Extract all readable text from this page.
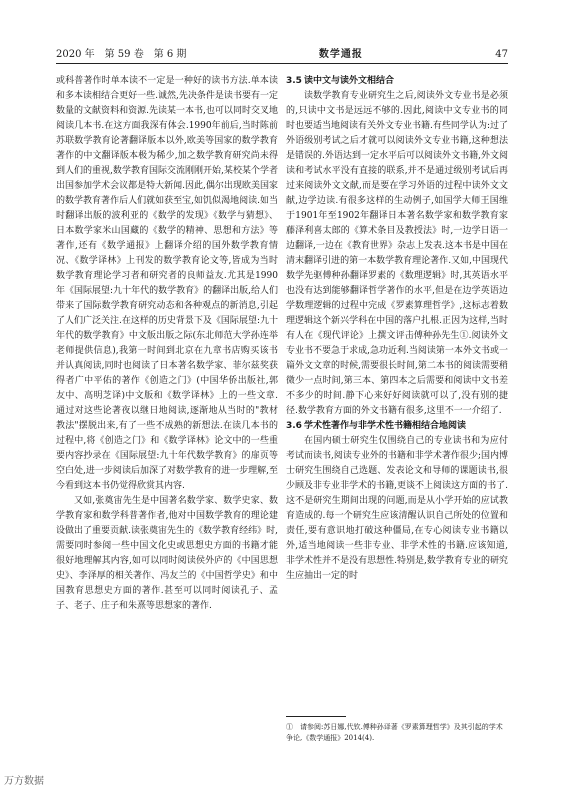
2020 年　第 59 卷　第 6 期	数学通报	47

或科普著作时单本读不一定是一种好的读书方法.单本读和多本读相结合更好一些.诚然,先决条件是读书要有一定数量的文献资料和资源.先读某一本书,也可以同时交叉地阅读几本书.在这方面我深有体会.1990年前后,当时陈前苏联数学教育论著翻译版本以外,欧美等国家的数学教育著作的中文翻译版本极为稀少,加之数学教育研究尚未得到人们的重视,数学教育国际交流刚刚开始,某校某个学者出国参加学术会议都是特大新闻.因此,偶尔出现欧美国家的数学教育著作后人们就如获至宝,如饥似渴地阅读.如当时翻译出版的波利亚的《数学的发现》《数学与猜想》、日本数学家米山国藏的《数学的精神、思想和方法》等著作,还有《数学通报》上翻译介绍的国外数学教育情况、《数学译林》上刊发的数学教育论文等,皆成为当时数学教育理论学习者和研究者的良师益友.尤其是1990年《国际展望:九十年代的数学教育》的翻译出版,给人们带来了国际数学教育研究动态和各种观点的新消息,引起了人们广泛关注.在这样的历史背景下及《国际展望:九十年代的数学教育》中文版出版之际(东北师范大学孙连举老师提供信息),我第一时间到北京在九章书店购买该书并认真阅读,同时也阅读了日本著名数学家、菲尔兹奖获得者广中平佑的著作《创造之门》(中国华侨出版社,郭友中、高明芝译)中文版和《数学译林》上的一些文章.通过对这些论著夜以继日地阅读,逐渐地从当时的"教材教法"摆脱出来,有了一些不成熟的新想法.在读几本书的过程中,将《创造之门》和《数学译林》论文中的一些重要内容抄录在《国际展望:九十年代数学教育》的扉页等空白处,进一步阅读后加深了对数学教育的进一步理解,至今看到这本书仍觉得欣赏其内容.

又如,张奠宙先生是中国著名数学家、数学史家、数学教育家和数学科普著作者,他对中国数学教育的理论建设做出了重要贡献.读张奠宙先生的《数学教育经纬》时,需要同时参阅一些中国文化史或思想史方面的书籍才能很好地理解其内容,如可以同时阅读侯外庐的《中国思想史》、李泽厚的相关著作、冯友兰的《中国哲学史》和中国教育思想史方面的著作.甚至可以同时阅读孔子、孟子、老子、庄子和朱熹等思想家的著作.

3.5 读中文与读外文相结合

读数学教育专业研究生之后,阅读外文专业书是必须的,只读中文书是远远不够的.因此,阅读中文专业书的同时也要适当地阅读有关外文专业书籍.有些同学认为:过了外语级别考试之后才就可以阅读外文专业书籍,这种想法是错误的.外语达到一定水平后可以阅读外文书籍,外文阅读和考试水平没有直接的联系,并不是通过级别考试后再过来阅读外文文献,而是要在学习外语的过程中读外文文献,边学边读.有很多这样的生动例子,如国学大师王国维于1901年至1902年翻译日本著名数学家和数学教育家藤泽利喜太郎的《算术条目及教授法》时,一边学日语一边翻译,一边在《教育世界》杂志上发表.这本书是中国在清末翻译引进的第一本数学教育理论著作.又如,中国现代数学先驱傅种孙翻译罗素的《数理逻辑》时,其英语水平也没有达到能够翻译哲学著作的水平,但是在边学英语边学数理逻辑的过程中完成《罗素算理哲学》,这标志着数理逻辑这个新兴学科在中国的落户扎根.正因为这样,当时有人在《现代评论》上撰文评击傅种孙先生①.阅读外文专业书不要急于求成,急功近利.当阅读第一本外文书或一篇外文文章的时候,需要很长时间,第二本书的阅读需要稍微少一点时间,第三本、第四本之后需要和阅读中文书差不多少的时间.静下心来好好阅读就可以了,没有别的捷径.数学教育方面的外文书籍有很多,这里不一一介绍了.

3.6 学术性著作与非学术性书籍相结合地阅读

在国内硕士研究生仅围绕自己的专业读书和为应付考试而读书,阅读专业外的书籍和非学术著作很少;国内博士研究生围绕自己选题、发表论文和导师的课题读书,很少顾及非专业非学术的书籍,更谈不上阅读这方面的书了.这不是研究生期间出现的问题,而是从小学开始的应试教育造成的.每一个研究生应该清醒认识自己所处的位置和责任,要有意识地打破这种僵局,在专心阅读专业书籍以外,适当地阅读一些非专业、非学术性的书籍.应该知道,非学术性并不是没有思想性.特别是,数学教育专业的研究生应抽出一定的时

①　请参阅:苏日娜,代钦.傅种孙译著《罗素算理哲学》及其引起的学术争论,《数学通报》2014(4).
万方数据
